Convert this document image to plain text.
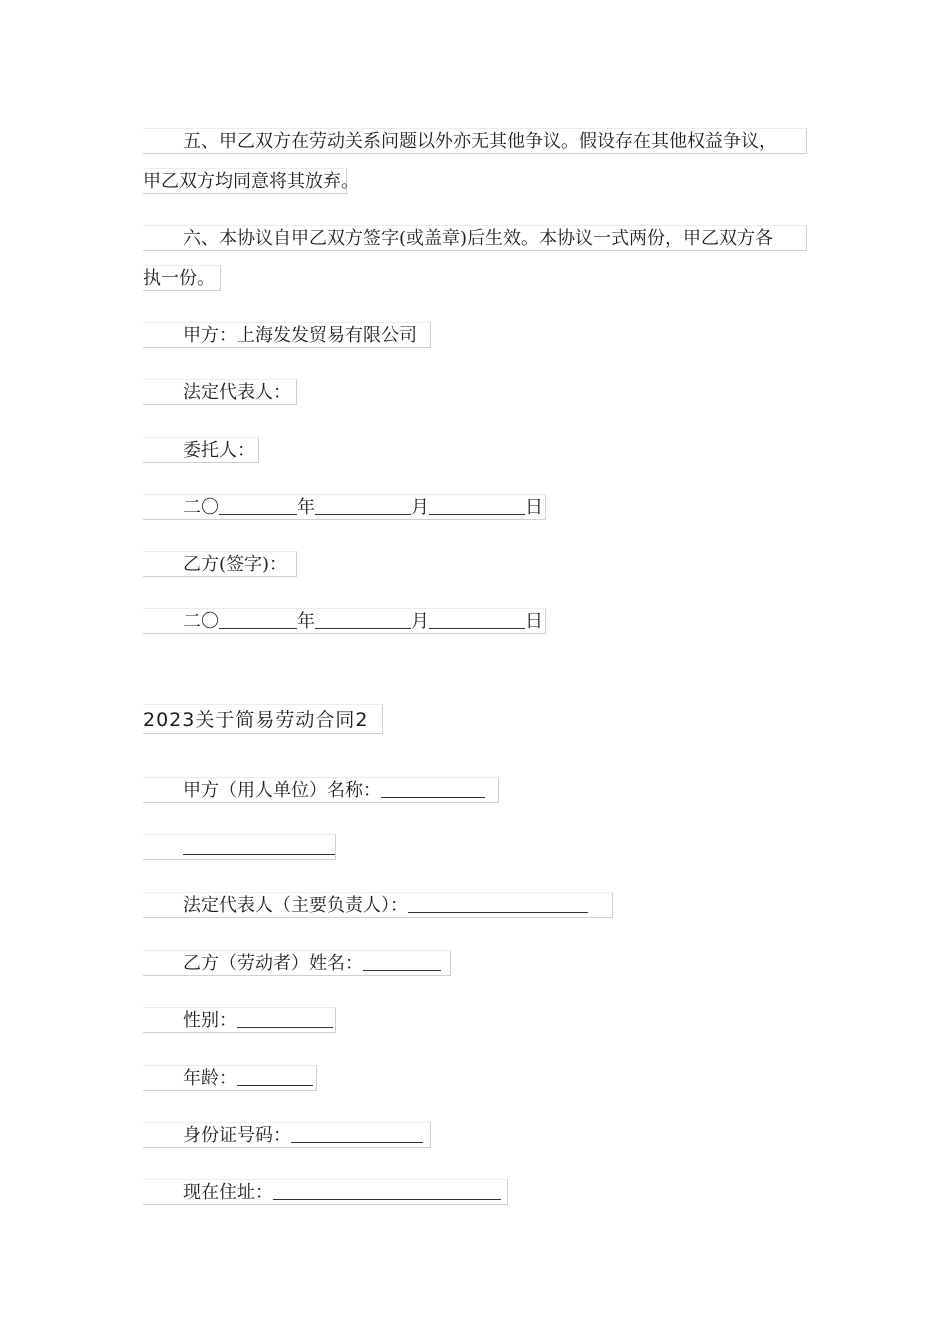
五、甲乙双方在劳动关系问题以外亦无其他争议。假设存在其他权益争议，
甲乙双方均同意将其放弃。
六、本协议自甲乙双方签字(或盖章)后生效。本协议一式两份，甲乙双方各
执一份。
甲方：上海发发贸易有限公司
法定代表人：
委托人：
二〇	年	月	日
乙方(签字)：
二〇	年	月	日
2023关于简易劳动合同2
甲方（用人单位）名称：
法定代表人（主要负责人）：
乙方（劳动者）姓名：
性别：
年龄：
身份证号码：
现在住址：
